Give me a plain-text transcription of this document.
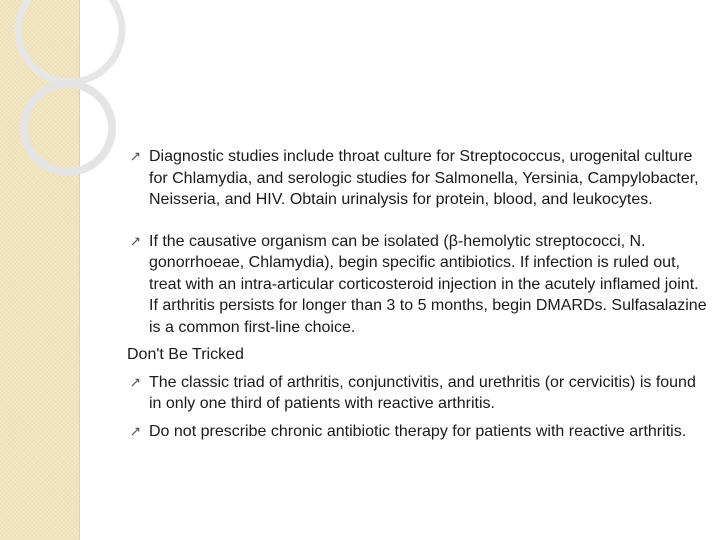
Diagnostic studies include throat culture for Streptococcus, urogenital culture for Chlamydia, and serologic studies for Salmonella, Yersinia, Campylobacter, Neisseria, and HIV. Obtain urinalysis for protein, blood, and leukocytes.
If the causative organism can be isolated (β-hemolytic streptococci, N. gonorrhoeae, Chlamydia), begin specific antibiotics. If infection is ruled out, treat with an intra-articular corticosteroid injection in the acutely inflamed joint. If arthritis persists for longer than 3 to 5 months, begin DMARDs. Sulfasalazine is a common first-line choice.
Don't Be Tricked
The classic triad of arthritis, conjunctivitis, and urethritis (or cervicitis) is found in only one third of patients with reactive arthritis.
Do not prescribe chronic antibiotic therapy for patients with reactive arthritis.
